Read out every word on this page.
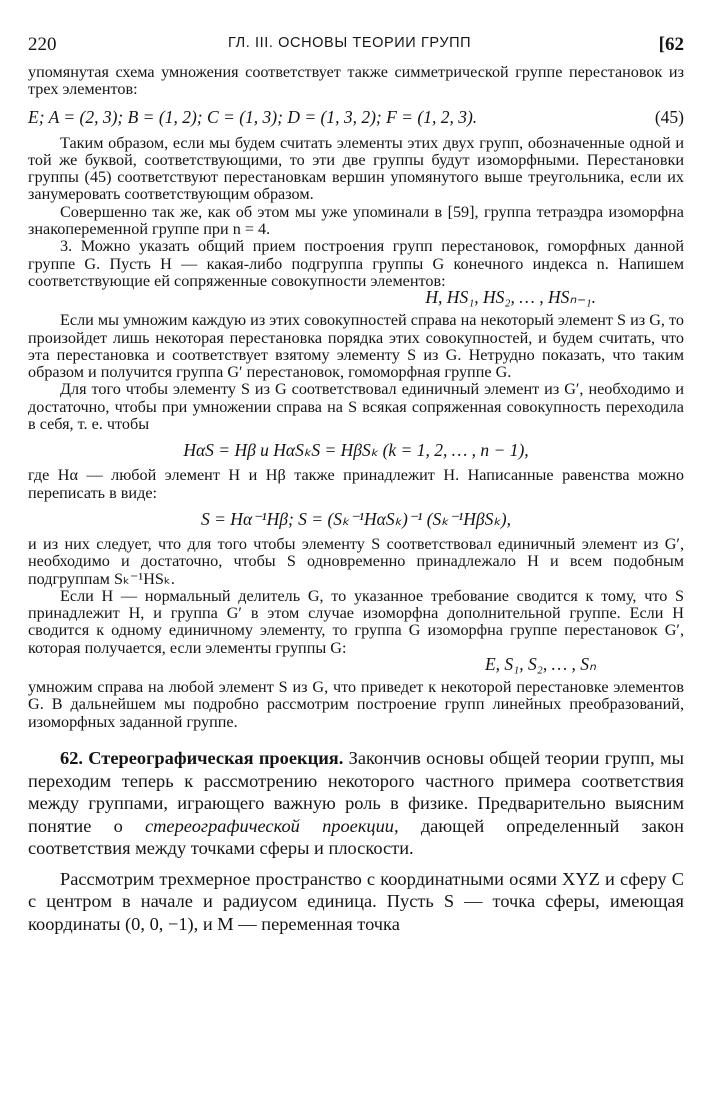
220	ГЛ. III. ОСНОВЫ ТЕОРИИ ГРУПП	[62

упомянутая схема умножения соответствует также симметрической группе перестановок из трех элементов:

E; A = (2, 3); B = (1, 2); C = (1, 3); D = (1, 3, 2); F = (1, 2, 3).	(45)

Таким образом, если мы будем считать элементы этих двух групп, обозначенные одной и той же буквой, соответствующими, то эти две группы будут изоморфными. Перестановки группы (45) соответствуют перестановкам вершин упомянутого выше треугольника, если их занумеровать соответствующим образом.

Совершенно так же, как об этом мы уже упоминали в [59], группа тетраэдра изоморфна знакопеременной группе при n = 4.

3. Можно указать общий прием построения групп перестановок, гоморфных данной группе G. Пусть H — какая-либо подгруппа группы G конечного индекса n. Напишем соответствующие ей сопряженные совокупности элементов:

H, HS₁, HS₂, … , HSₙ₋₁.

Если мы умножим каждую из этих совокупностей справа на некоторый элемент S из G, то произойдет лишь некоторая перестановка порядка этих совокупностей, и будем считать, что эта перестановка и соответствует взятому элементу S из G. Нетрудно показать, что таким образом и получится группа G′ перестановок, гомоморфная группе G.

Для того чтобы элементу S из G соответствовал единичный элемент из G′, необходимо и достаточно, чтобы при умножении справа на S всякая сопряженная совокупность переходила в себя, т. е. чтобы

HαS = Hβ и HαSₖS = HβSₖ (k = 1, 2, … , n − 1),

где Hα — любой элемент H и Hβ также принадлежит H. Написанные равенства можно переписать в виде:

S = Hα⁻¹Hβ; S = (Sₖ⁻¹HαSₖ)⁻¹ (Sₖ⁻¹HβSₖ),

и из них следует, что для того чтобы элементу S соответствовал единичный элемент из G′, необходимо и достаточно, чтобы S одновременно принадлежало H и всем подобным подгруппам Sₖ⁻¹HSₖ.

Если H — нормальный делитель G, то указанное требование сводится к тому, что S принадлежит H, и группа G′ в этом случае изоморфна дополнительной группе. Если H сводится к одному единичному элементу, то группа G изоморфна группе перестановок G′, которая получается, если элементы группы G:

E, S₁, S₂, … , Sₙ

умножим справа на любой элемент S из G, что приведет к некоторой перестановке элементов G. В дальнейшем мы подробно рассмотрим построение групп линейных преобразований, изоморфных заданной группе.

62. Стереографическая проекция. Закончив основы общей теории групп, мы переходим теперь к рассмотрению некоторого частного примера соответствия между группами, играющего важную роль в физике. Предварительно выясним понятие о стереографической проекции, дающей определенный закон соответствия между точками сферы и плоскости.

Рассмотрим трехмерное пространство с координатными осями XYZ и сферу C с центром в начале и радиусом единица. Пусть S — точка сферы, имеющая координаты (0, 0, −1), и M — переменная точка
